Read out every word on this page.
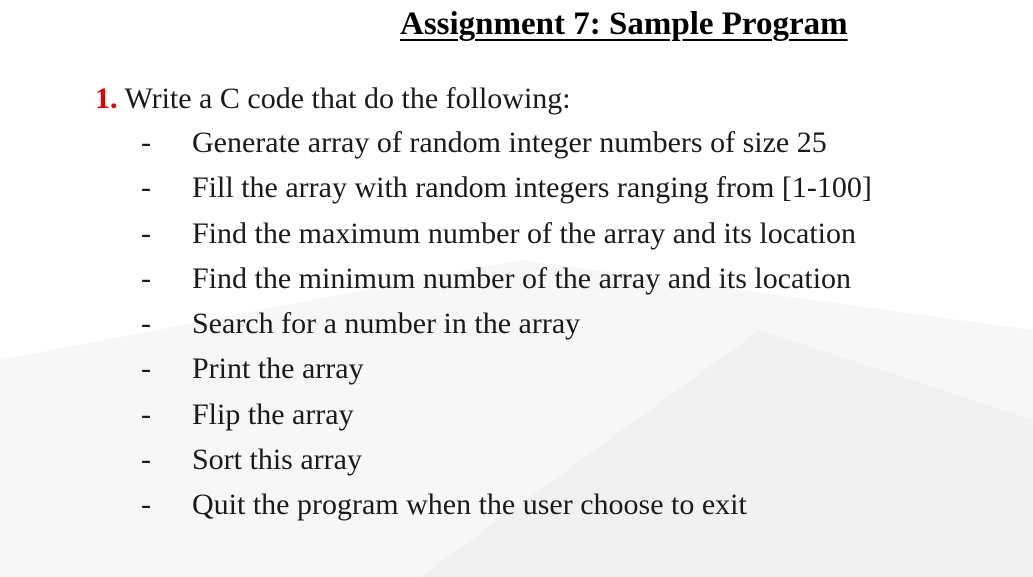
Assignment 7: Sample Program
1. Write a C code that do the following:
- Generate array of random integer numbers of size 25
- Fill the array with random integers ranging from [1-100]
- Find the maximum number of the array and its location
- Find the minimum number of the array and its location
- Search for a number in the array
- Print the array
- Flip the array
- Sort this array
- Quit the program when the user choose to exit
